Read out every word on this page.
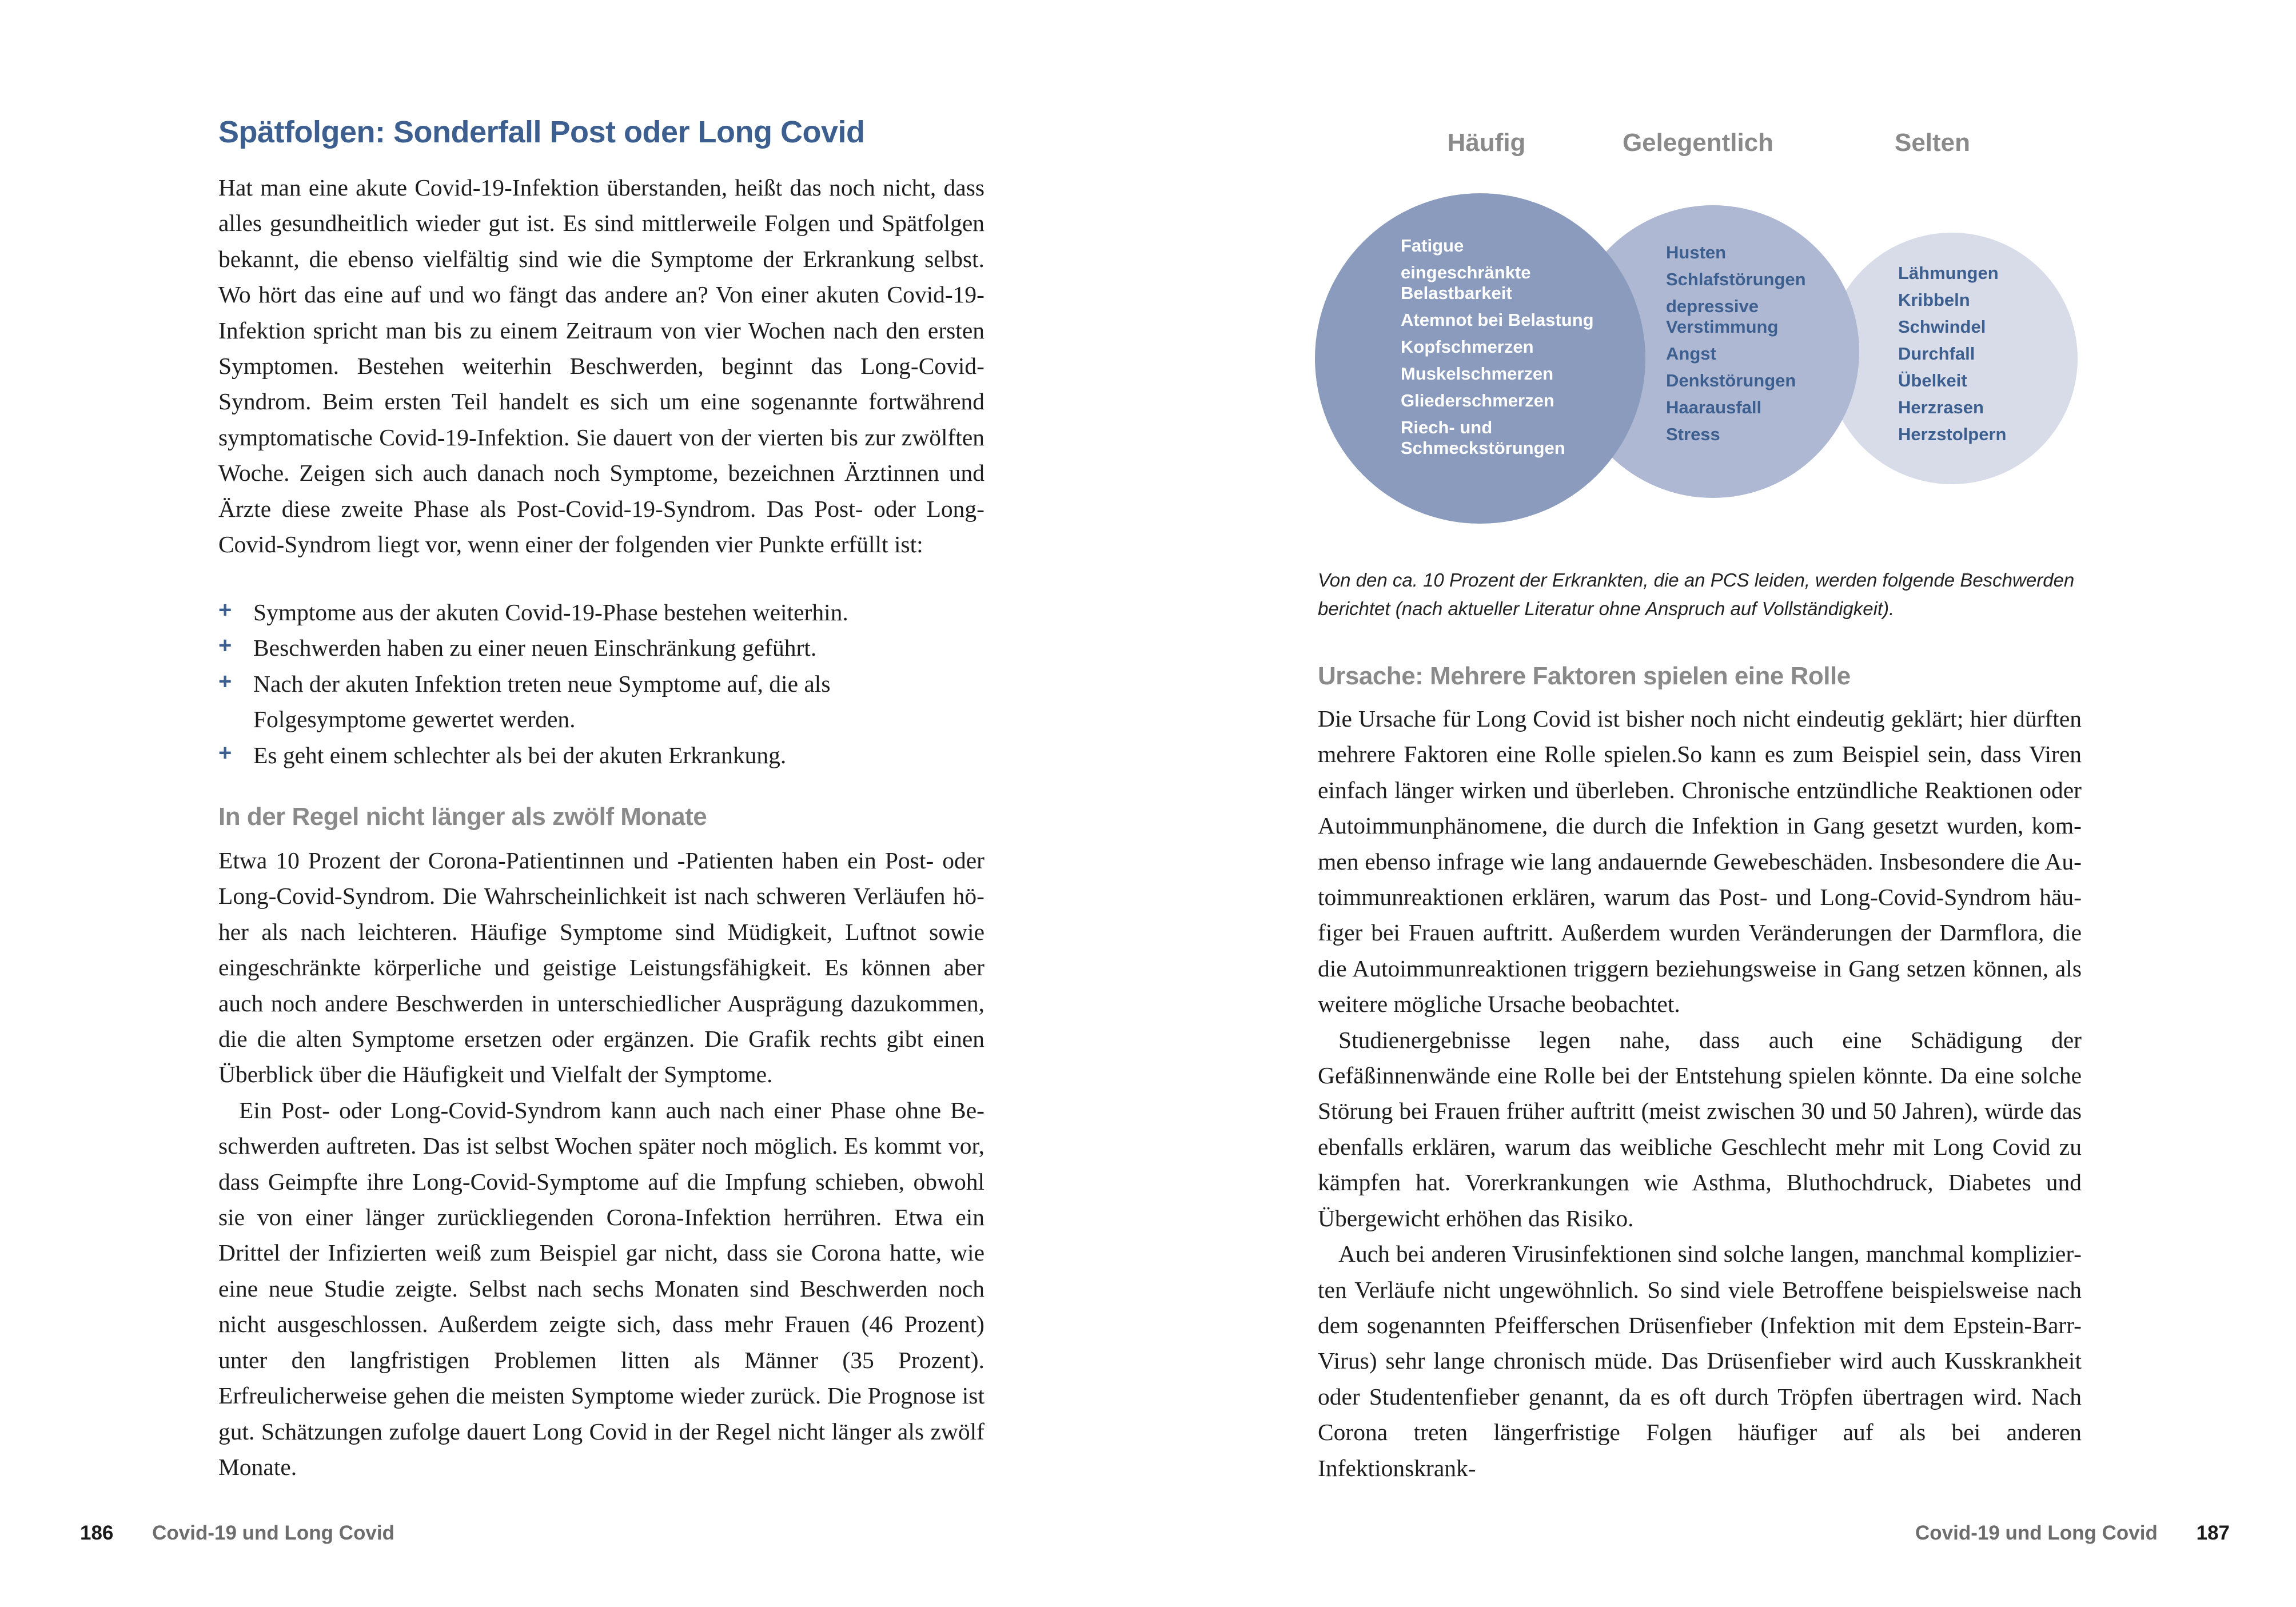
Spätfolgen: Sonderfall Post oder Long Covid

Hat man eine akute Covid-19-Infektion überstanden, heißt das noch nicht, dass alles gesundheitlich wieder gut ist. Es sind mittlerweile Folgen und Spätfolgen bekannt, die ebenso vielfältig sind wie die Symptome der Erkrankung selbst. Wo hört das eine auf und wo fängt das andere an? Von einer akuten Covid-19-Infektion spricht man bis zu einem Zeitraum von vier Wochen nach den ersten Symptomen. Bestehen weiterhin Beschwerden, beginnt das Long-Covid-Syndrom. Beim ersten Teil handelt es sich um eine sogenannte fortwährend symptomatische Covid-19-Infektion. Sie dauert von der vierten bis zur zwölften Woche. Zeigen sich auch danach noch Symptome, bezeichnen Ärztinnen und Ärzte diese zweite Phase als Post-Covid-19-Syndrom. Das Post- oder Long-Covid-Syndrom liegt vor, wenn einer der folgenden vier Punkte erfüllt ist:

+ Symptome aus der akuten Covid-19-Phase bestehen weiterhin.
+ Beschwerden haben zu einer neuen Einschränkung geführt.
+ Nach der akuten Infektion treten neue Symptome auf, die als Folgesymptome gewertet werden.
+ Es geht einem schlechter als bei der akuten Erkrankung.
In der Regel nicht länger als zwölf Monate

Etwa 10 Prozent der Corona-Patientinnen und -Patienten haben ein Post- oder Long-Covid-Syndrom. Die Wahrscheinlichkeit ist nach schweren Verläufen höher als nach leichteren. Häufige Symptome sind Müdigkeit, Luftnot sowie eingeschränkte körperliche und geistige Leistungsfähigkeit. Es können aber auch noch andere Beschwerden in unterschiedlicher Ausprägung dazukommen, die die alten Symptome ersetzen oder ergänzen. Die Grafik rechts gibt einen Überblick über die Häufigkeit und Vielfalt der Symptome.

Ein Post- oder Long-Covid-Syndrom kann auch nach einer Phase ohne Beschwerden auftreten. Das ist selbst Wochen später noch möglich. Es kommt vor, dass Geimpfte ihre Long-Covid-Symptome auf die Impfung schieben, obwohl sie von einer länger zurückliegenden Corona-Infektion herrühren. Etwa ein Drittel der Infizierten weiß zum Beispiel gar nicht, dass sie Corona hatte, wie eine neue Studie zeigte. Selbst nach sechs Monaten sind Beschwerden noch nicht ausgeschlossen. Außerdem zeigte sich, dass mehr Frauen (46 Prozent) unter den langfristigen Problemen litten als Männer (35 Prozent). Erfreulicherweise gehen die meisten Symptome wieder zurück. Die Prognose ist gut. Schätzungen zufolge dauert Long Covid in der Regel nicht länger als zwölf Monate.

186 Covid-19 und Long Covid
Häufig	Gelegentlich	Selten
Fatigue
eingeschränkte Belastbarkeit
Atemnot bei Belastung
Kopfschmerzen
Muskelschmerzen
Gliederschmerzen
Riech- und Schmeckstörungen
Husten
Schlafstörungen
depressive Verstimmung
Angst
Denkstörungen
Haarausfall
Stress
Lähmungen
Kribbeln
Schwindel
Durchfall
Übelkeit
Herzrasen
Herzstolpern

Von den ca. 10 Prozent der Erkrankten, die an PCS leiden, werden folgende Beschwerden berichtet (nach aktueller Literatur ohne Anspruch auf Vollständigkeit).

Ursache: Mehrere Faktoren spielen eine Rolle

Die Ursache für Long Covid ist bisher noch nicht eindeutig geklärt; hier dürften mehrere Faktoren eine Rolle spielen.So kann es zum Beispiel sein, dass Viren einfach länger wirken und überleben. Chronische entzündliche Reaktionen oder Autoimmunphänomene, die durch die Infektion in Gang gesetzt wurden, kommen ebenso infrage wie lang andauernde Gewebeschäden. Insbesondere die Autoimmunreaktionen erklären, warum das Post- und Long-Covid-Syndrom häufiger bei Frauen auftritt. Außerdem wurden Veränderungen der Darmflora, die die Autoimmunreaktionen triggern beziehungsweise in Gang setzen können, als weitere mögliche Ursache beobachtet.

Studienergebnisse legen nahe, dass auch eine Schädigung der Gefäßinnenwände eine Rolle bei der Entstehung spielen könnte. Da eine solche Störung bei Frauen früher auftritt (meist zwischen 30 und 50 Jahren), würde das ebenfalls erklären, warum das weibliche Geschlecht mehr mit Long Covid zu kämpfen hat. Vorerkrankungen wie Asthma, Bluthochdruck, Diabetes und Übergewicht erhöhen das Risiko.

Auch bei anderen Virusinfektionen sind solche langen, manchmal komplizierten Verläufe nicht ungewöhnlich. So sind viele Betroffene beispielsweise nach dem sogenannten Pfeifferschen Drüsenfieber (Infektion mit dem Epstein-Barr-Virus) sehr lange chronisch müde. Das Drüsenfieber wird auch Kusskrankheit oder Studentenfieber genannt, da es oft durch Tröpfen übertragen wird. Nach Corona treten längerfristige Folgen häufiger auf als bei anderen Infektionskrank-

Covid-19 und Long Covid 187
